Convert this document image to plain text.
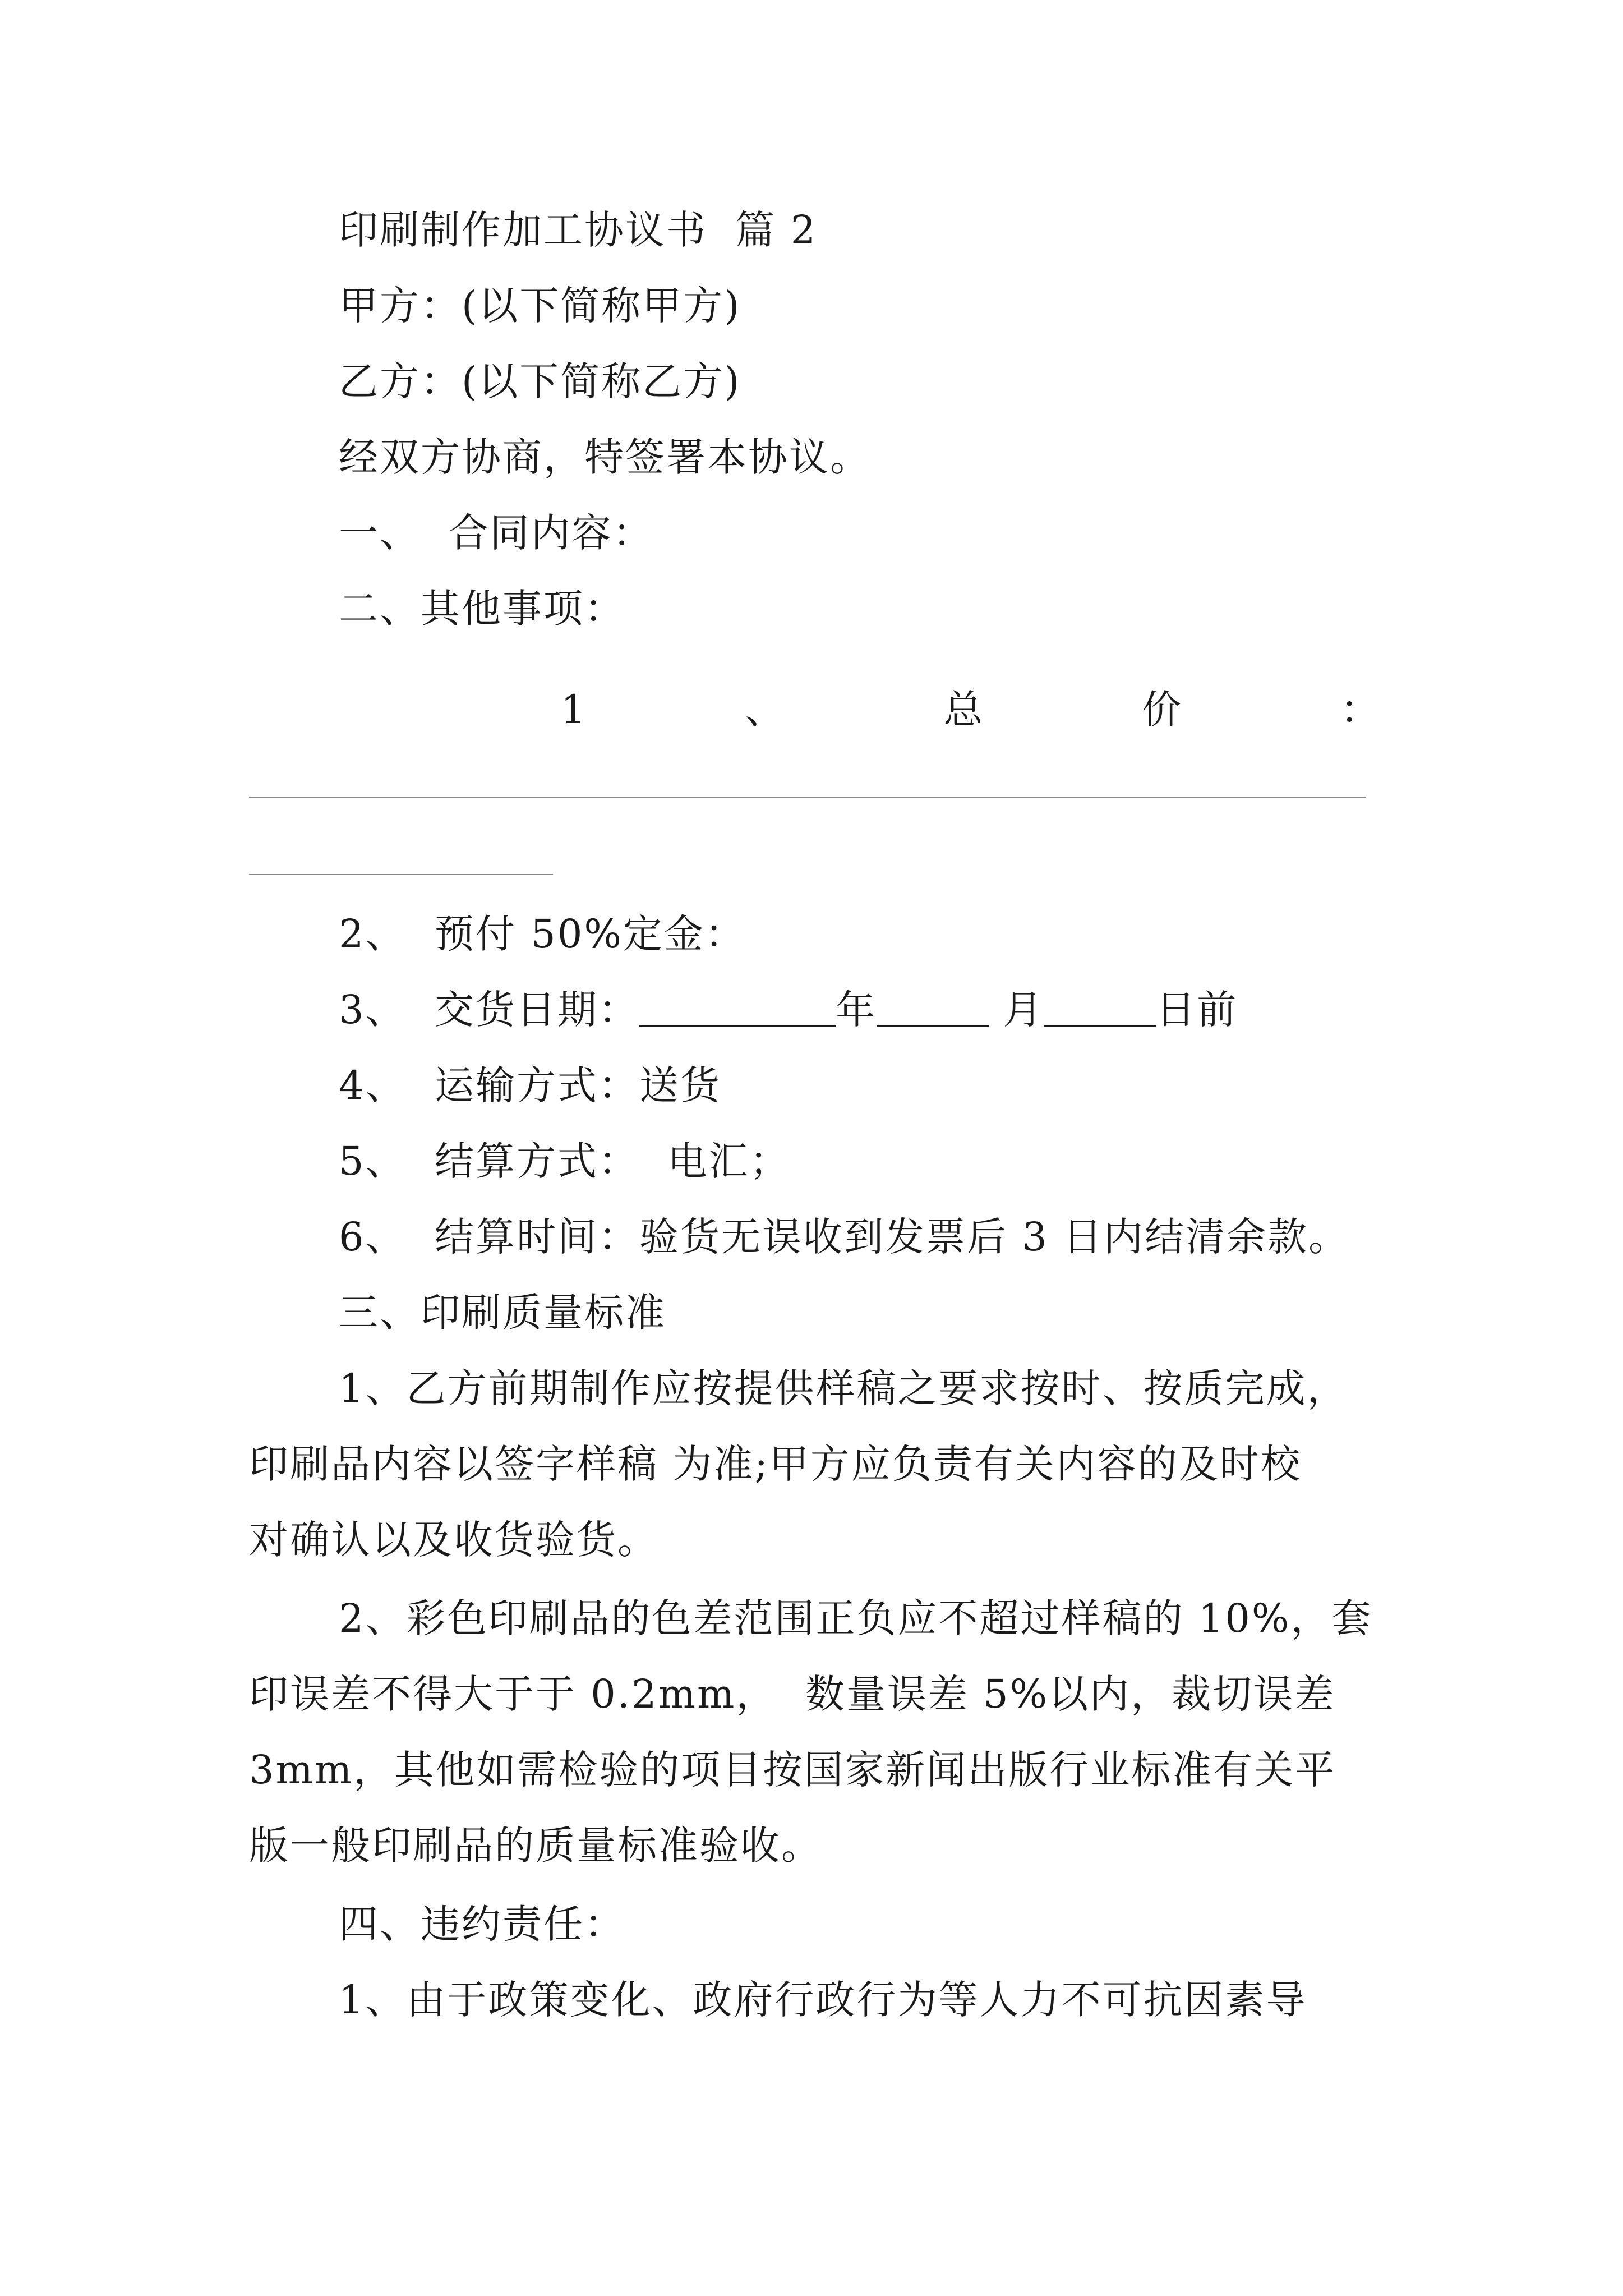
印刷制作加工协议书  篇 2
甲方：(以下简称甲方)
乙方：(以下简称乙方)
经双方协商，特签署本协议。
一、  合同内容：
二、其他事项：
1	、	总	价	：
2、  预付 50%定金：
3、  交货日期：	年	月	日前
4、  运输方式：送货
5、  结算方式：  电汇；
6、  结算时间：验货无误收到发票后 3 日内结清余款。
三、印刷质量标准
1、乙方前期制作应按提供样稿之要求按时、按质完成，
印刷品内容以签字样稿 为准;甲方应负责有关内容的及时校
对确认以及收货验货。
2、彩色印刷品的色差范围正负应不超过样稿的 10%，套
印误差不得大于于 0.2mm，  数量误差 5%以内，裁切误差
3mm，其他如需检验的项目按国家新闻出版行业标准有关平
版一般印刷品的质量标准验收。
四、违约责任：
1、由于政策变化、政府行政行为等人力不可抗因素导
